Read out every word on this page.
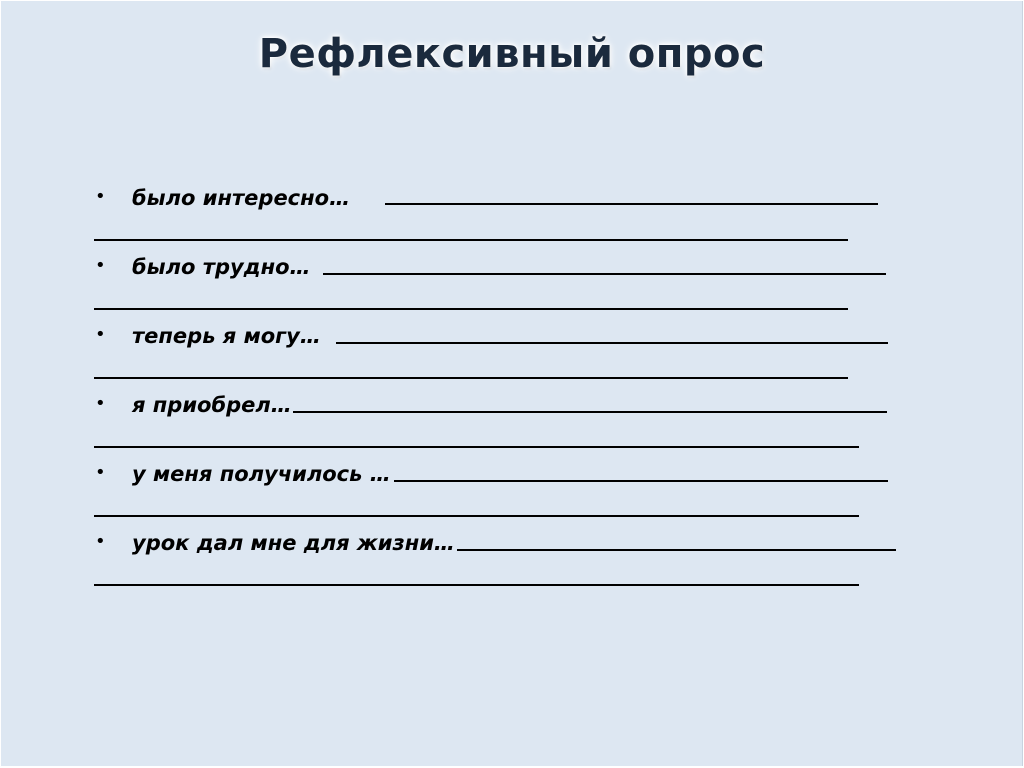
Рефлексивный опрос
• было интересно…
• было трудно…
• теперь я могу…
• я приобрел…
• у меня получилось …
• урок дал мне для жизни…
